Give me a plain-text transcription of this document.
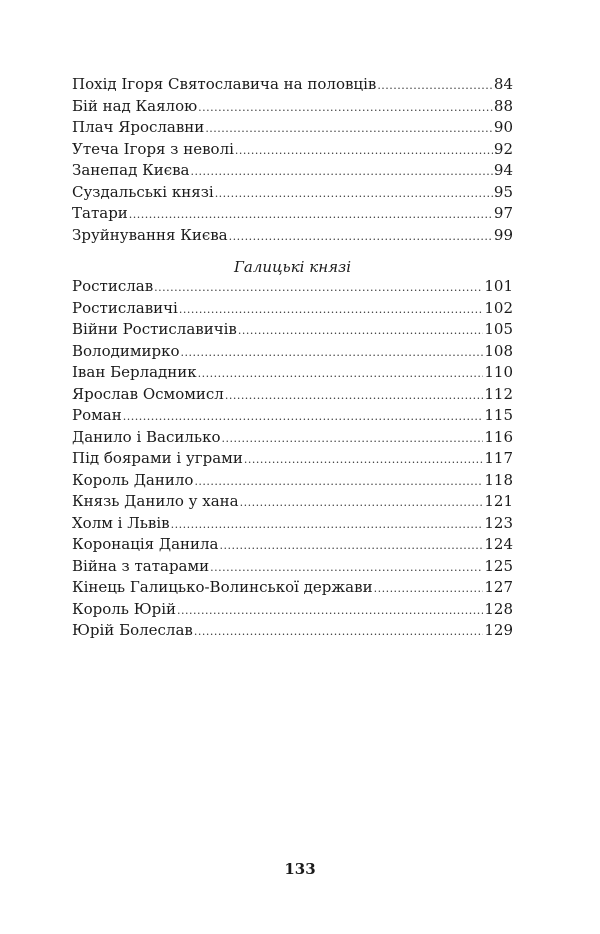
Похід Ігоря Святославича на половців .....	84
Бій над Каялою .....	88
Плач Ярославни .....	90
Утеча Ігоря з неволі .....	92
Занепад Києва .....	94
Суздальські князі .....	95
Татари .....	97
Зруйнування Києва .....	99
Галицькі князі
Ростислав .....	101
Ростиславичі .....	102
Війни Ростиславичів .....	105
Володимирко .....	108
Іван Берладник .....	110
Ярослав Осмомисл .....	112
Роман .....	115
Данило і Василько .....	116
Під боярами і уграми .....	117
Король Данило .....	118
Князь Данило у хана .....	121
Холм і Львів .....	123
Коронація Данила .....	124
Війна з татарами .....	125
Кінець Галицько-Волинської держави .....	127
Король Юрій .....	128
Юрій Болеслав .....	129
133
